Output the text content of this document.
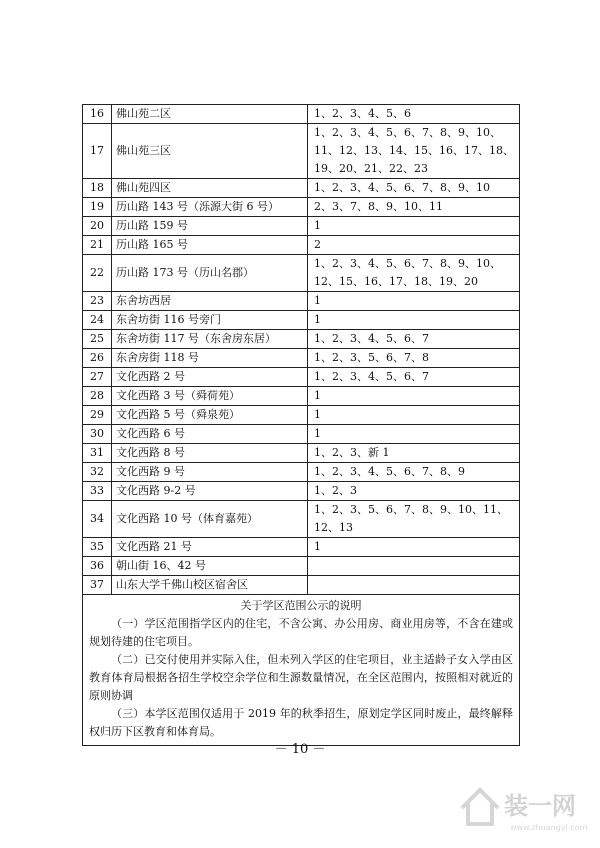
16	佛山苑二区	1、2、3、4、5、6
17	佛山苑三区	1、2、3、4、5、6、7、8、9、10、11、12、13、14、15、16、17、18、19、20、21、22、23
18	佛山苑四区	1、2、3、4、5、6、7、8、9、10
19	历山路 143 号（泺源大街 6 号）	2、3、7、8、9、10、11
20	历山路 159 号	1
21	历山路 165 号	2
22	历山路 173 号（历山名郡）	1、2、3、4、5、6、7、8、9、10、12、15、16、17、18、19、20
23	东舍坊西居	1
24	东舍坊街 116 号旁门	1
25	东舍坊街 117 号（东舍房东居）	1、2、3、4、5、6、7
26	东舍房街 118 号	1、2、3、5、6、7、8
27	文化西路 2 号	1、2、3、4、5、6、7
28	文化西路 3 号（舜荷苑）	1
29	文化西路 5 号（舜泉苑）	1
30	文化西路 6 号	1
31	文化西路 8 号	1、2、3、新 1
32	文化西路 9 号	1、2、3、4、5、6、7、8、9
33	文化西路 9-2 号	1、2、3
34	文化西路 10 号（体育嘉苑）	1、2、3、5、6、7、8、9、10、11、12、13
35	文化西路 21 号	1
36	朝山街 16、42 号	
37	山东大学千佛山校区宿舍区	

关于学区范围公示的说明
（一）学区范围指学区内的住宅，不含公寓、办公用房、商业用房等，不含在建或规划待建的住宅项目。
（二）已交付使用并实际入住，但未列入学区的住宅项目，业主适龄子女入学由区教育体育局根据各招生学校空余学位和生源数量情况，在全区范围内，按照相对就近的原则协调
（三）本学区范围仅适用于 2019 年的秋季招生，原划定学区同时废止，最终解释权归历下区教育和体育局。		
－ 10 －
装一网
www.zhuangyi.com
